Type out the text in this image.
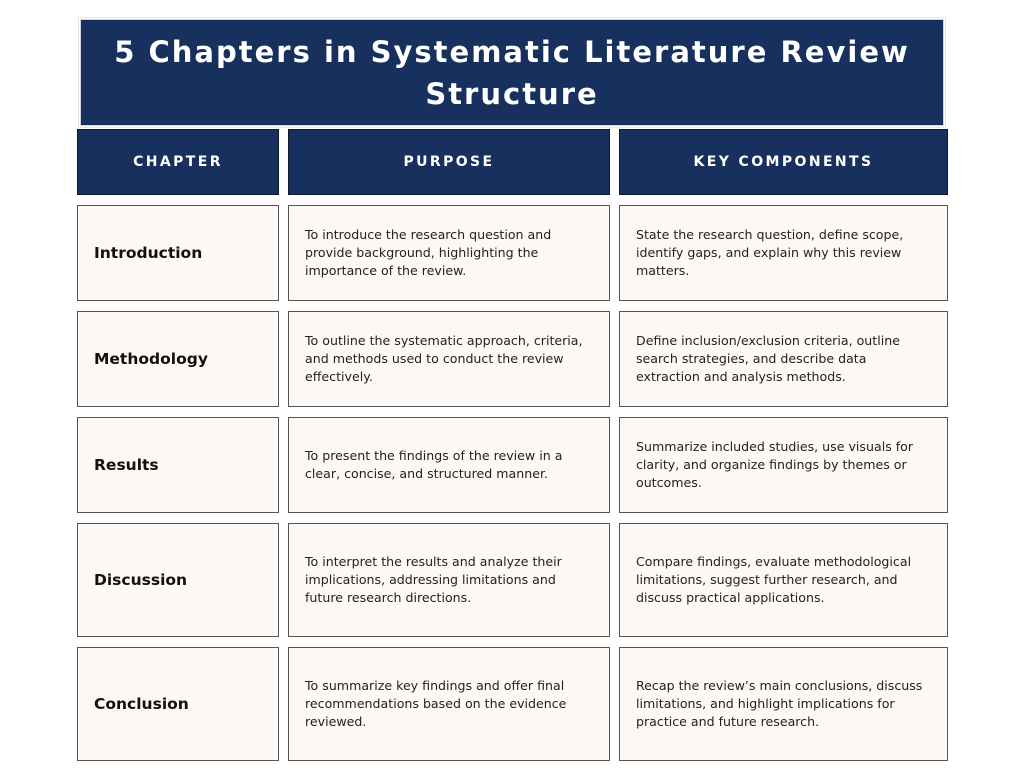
5 Chapters in Systematic Literature Review Structure
CHAPTER	PURPOSE	KEY COMPONENTS
Introduction
To introduce the research question and provide background, highlighting the importance of the review.
State the research question, define scope, identify gaps, and explain why this review matters.
Methodology
To outline the systematic approach, criteria, and methods used to conduct the review effectively.
Define inclusion/exclusion criteria, outline search strategies, and describe data extraction and analysis methods.
Results
To present the findings of the review in a clear, concise, and structured manner.
Summarize included studies, use visuals for clarity, and organize findings by themes or outcomes.
Discussion
To interpret the results and analyze their implications, addressing limitations and future research directions.
Compare findings, evaluate methodological limitations, suggest further research, and discuss practical applications.
Conclusion
To summarize key findings and offer final recommendations based on the evidence reviewed.
Recap the review’s main conclusions, discuss limitations, and highlight implications for practice and future research.
